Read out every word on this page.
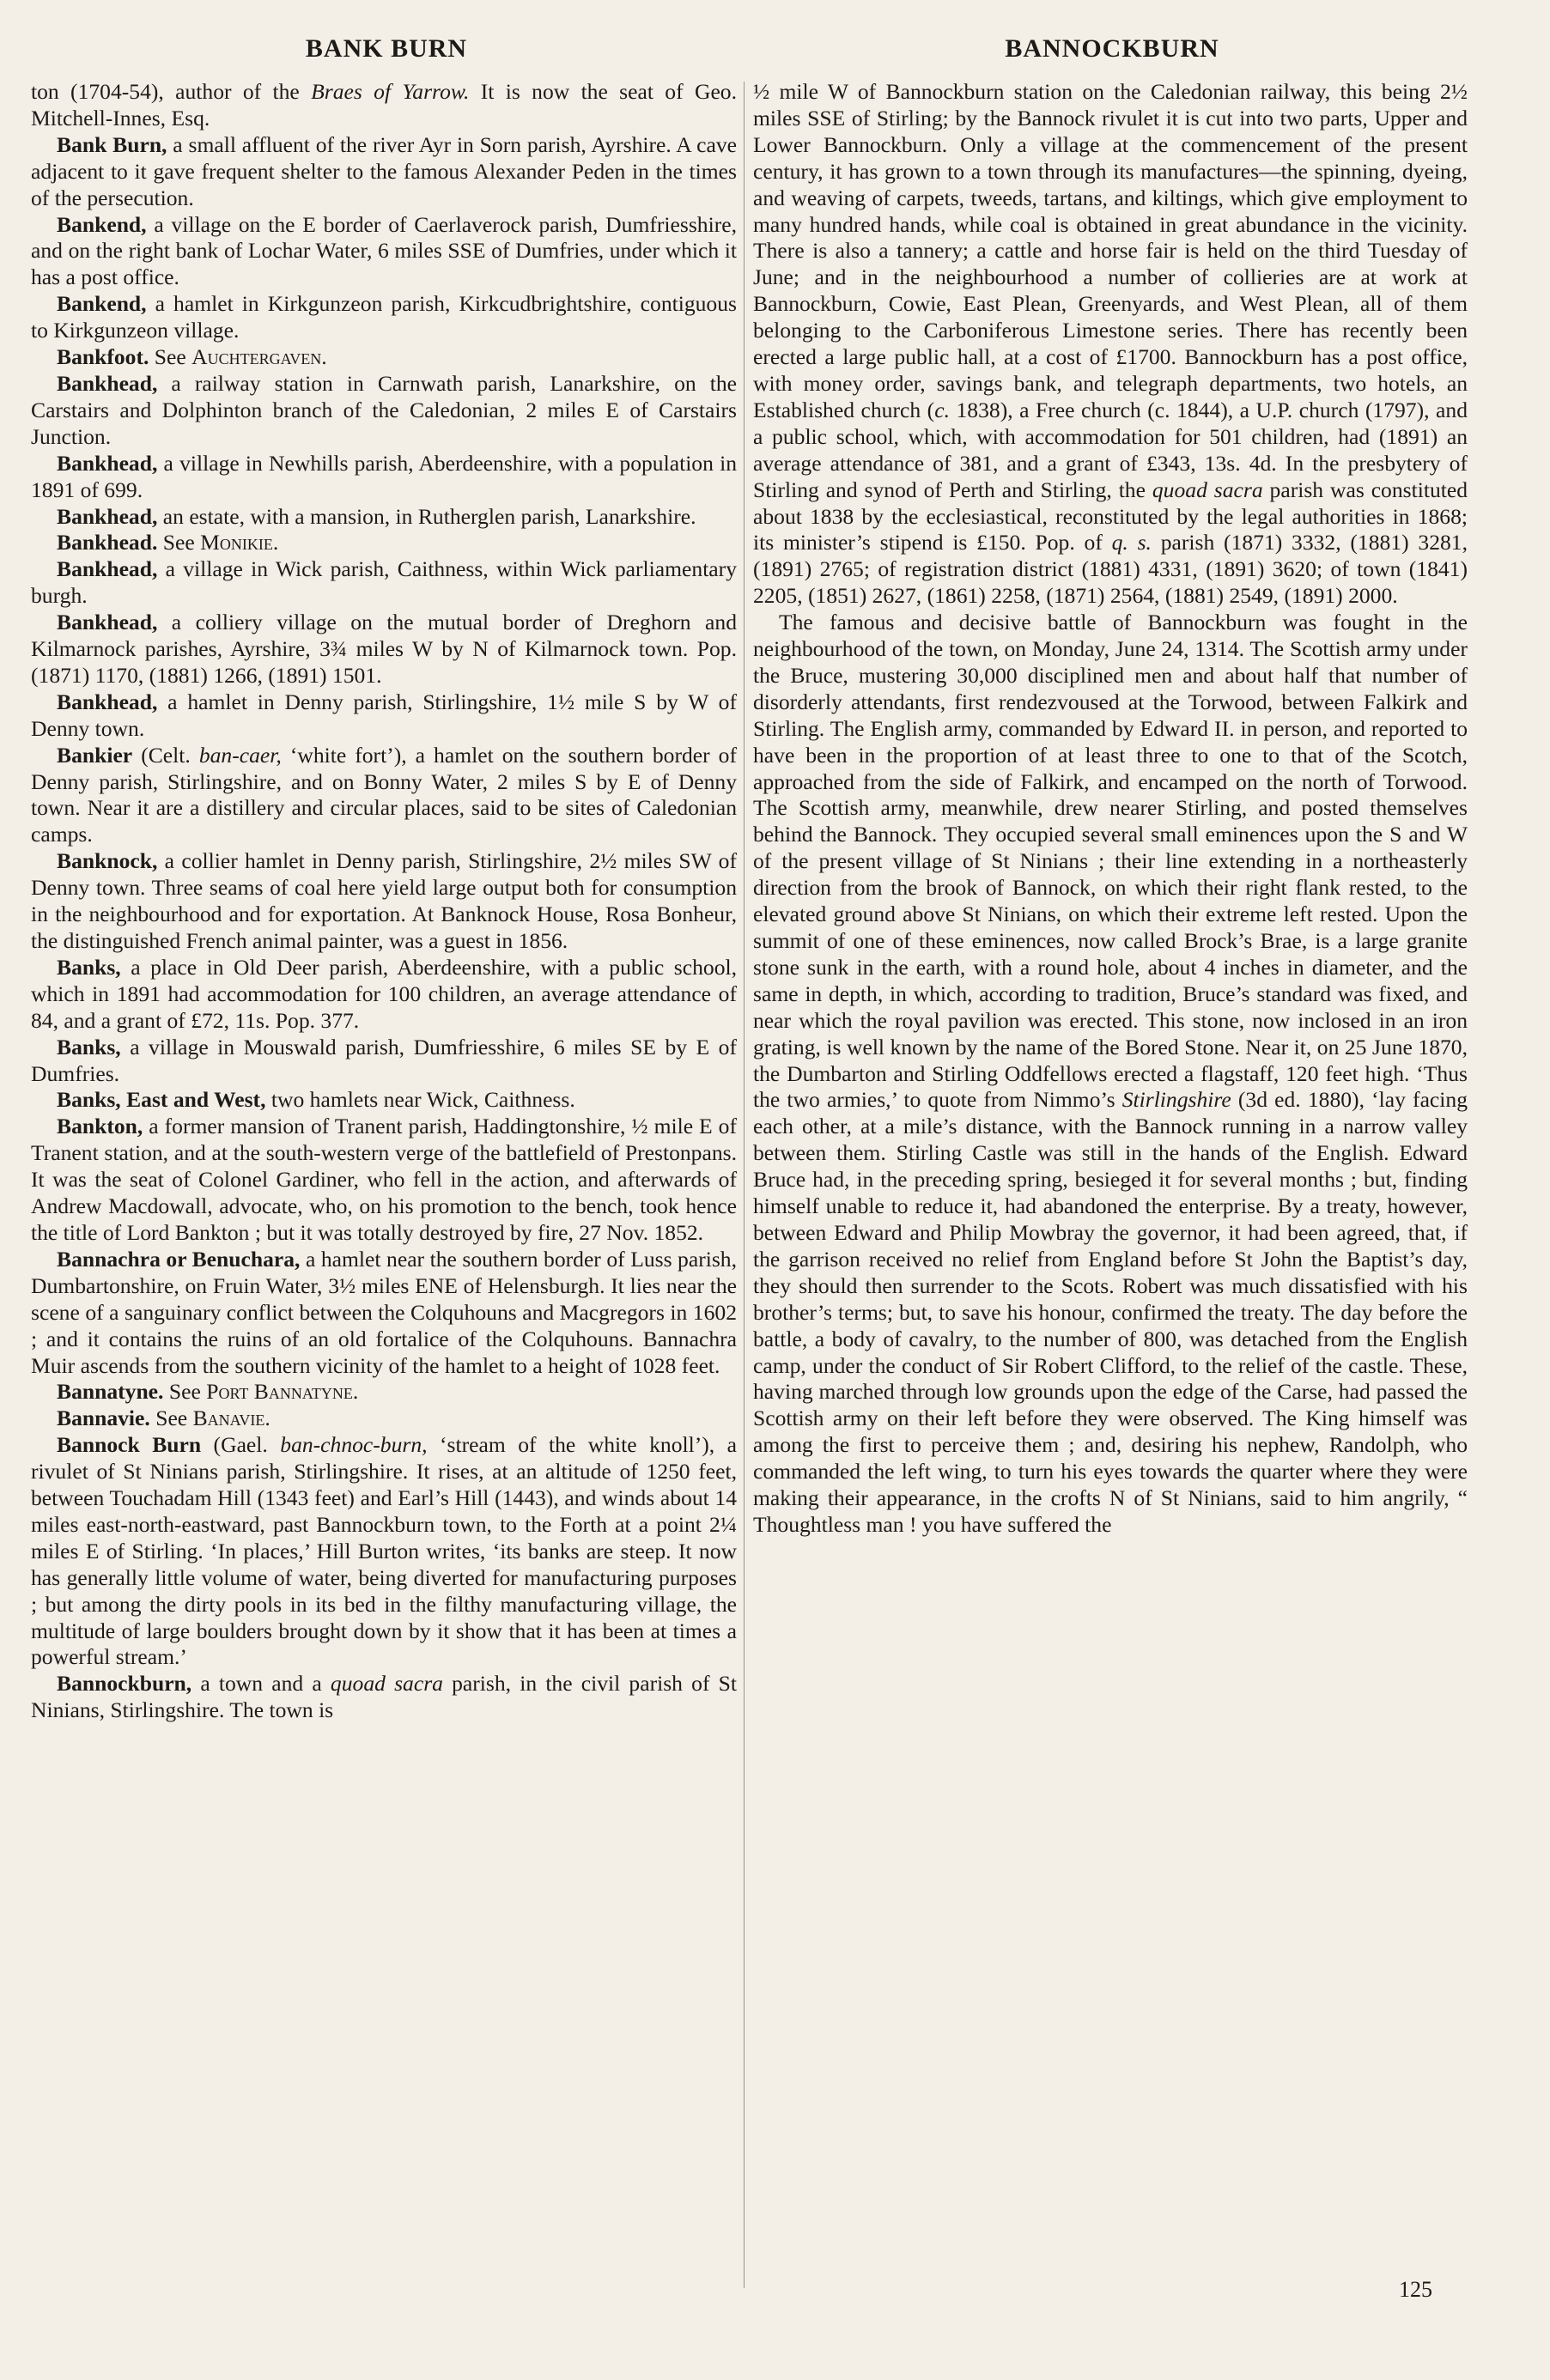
BANK BURN	BANNOCKBURN

ton (1704-54), author of the Braes of Yarrow. It is now the seat of Geo. Mitchell-Innes, Esq.

Bank Burn, a small affluent of the river Ayr in Sorn parish, Ayrshire. A cave adjacent to it gave frequent shelter to the famous Alexander Peden in the times of the persecution.

Bankend, a village on the E border of Caerlaverock parish, Dumfriesshire, and on the right bank of Lochar Water, 6 miles SSE of Dumfries, under which it has a post office.

Bankend, a hamlet in Kirkgunzeon parish, Kirkcudbrightshire, contiguous to Kirkgunzeon village.

Bankfoot. See Auchtergaven.

Bankhead, a railway station in Carnwath parish, Lanarkshire, on the Carstairs and Dolphinton branch of the Caledonian, 2 miles E of Carstairs Junction.

Bankhead, a village in Newhills parish, Aberdeenshire, with a population in 1891 of 699.

Bankhead, an estate, with a mansion, in Rutherglen parish, Lanarkshire.

Bankhead. See Monikie.

Bankhead, a village in Wick parish, Caithness, within Wick parliamentary burgh.

Bankhead, a colliery village on the mutual border of Dreghorn and Kilmarnock parishes, Ayrshire, 3¾ miles W by N of Kilmarnock town. Pop. (1871) 1170, (1881) 1266, (1891) 1501.

Bankhead, a hamlet in Denny parish, Stirlingshire, 1½ mile S by W of Denny town.

Bankier (Celt. ban-caer, ‘white fort’), a hamlet on the southern border of Denny parish, Stirlingshire, and on Bonny Water, 2 miles S by E of Denny town. Near it are a distillery and circular places, said to be sites of Caledonian camps.

Banknock, a collier hamlet in Denny parish, Stirlingshire, 2½ miles SW of Denny town. Three seams of coal here yield large output both for consumption in the neighbourhood and for exportation. At Banknock House, Rosa Bonheur, the distinguished French animal painter, was a guest in 1856.

Banks, a place in Old Deer parish, Aberdeenshire, with a public school, which in 1891 had accommodation for 100 children, an average attendance of 84, and a grant of £72, 11s. Pop. 377.

Banks, a village in Mouswald parish, Dumfriesshire, 6 miles SE by E of Dumfries.

Banks, East and West, two hamlets near Wick, Caithness.

Bankton, a former mansion of Tranent parish, Haddingtonshire, ½ mile E of Tranent station, and at the south-western verge of the battlefield of Prestonpans. It was the seat of Colonel Gardiner, who fell in the action, and afterwards of Andrew Macdowall, advocate, who, on his promotion to the bench, took hence the title of Lord Bankton ; but it was totally destroyed by fire, 27 Nov. 1852.

Bannachra or Benuchara, a hamlet near the southern border of Luss parish, Dumbartonshire, on Fruin Water, 3½ miles ENE of Helensburgh. It lies near the scene of a sanguinary conflict between the Colquhouns and Macgregors in 1602 ; and it contains the ruins of an old fortalice of the Colquhouns. Bannachra Muir ascends from the southern vicinity of the hamlet to a height of 1028 feet.

Bannatyne. See Port Bannatyne.

Bannavie. See Banavie.

Bannock Burn (Gael. ban-chnoc-burn, ‘stream of the white knoll’), a rivulet of St Ninians parish, Stirlingshire. It rises, at an altitude of 1250 feet, between Touchadam Hill (1343 feet) and Earl’s Hill (1443), and winds about 14 miles east-north-eastward, past Bannockburn town, to the Forth at a point 2¼ miles E of Stirling. ‘In places,’ Hill Burton writes, ‘its banks are steep. It now has generally little volume of water, being diverted for manufacturing purposes ; but among the dirty pools in its bed in the filthy manufacturing village, the multitude of large boulders brought down by it show that it has been at times a powerful stream.’

Bannockburn, a town and a quoad sacra parish, in the civil parish of St Ninians, Stirlingshire. The town is

½ mile W of Bannockburn station on the Caledonian railway, this being 2½ miles SSE of Stirling; by the Bannock rivulet it is cut into two parts, Upper and Lower Bannockburn. Only a village at the commencement of the present century, it has grown to a town through its manufactures—the spinning, dyeing, and weaving of carpets, tweeds, tartans, and kiltings, which give employment to many hundred hands, while coal is obtained in great abundance in the vicinity. There is also a tannery; a cattle and horse fair is held on the third Tuesday of June; and in the neighbourhood a number of collieries are at work at Bannockburn, Cowie, East Plean, Greenyards, and West Plean, all of them belonging to the Carboniferous Limestone series. There has recently been erected a large public hall, at a cost of £1700. Bannockburn has a post office, with money order, savings bank, and telegraph departments, two hotels, an Established church (c. 1838), a Free church (c. 1844), a U.P. church (1797), and a public school, which, with accommodation for 501 children, had (1891) an average attendance of 381, and a grant of £343, 13s. 4d. In the presbytery of Stirling and synod of Perth and Stirling, the quoad sacra parish was constituted about 1838 by the ecclesiastical, reconstituted by the legal authorities in 1868; its minister’s stipend is £150. Pop. of q. s. parish (1871) 3332, (1881) 3281, (1891) 2765; of registration district (1881) 4331, (1891) 3620; of town (1841) 2205, (1851) 2627, (1861) 2258, (1871) 2564, (1881) 2549, (1891) 2000.

The famous and decisive battle of Bannockburn was fought in the neighbourhood of the town, on Monday, June 24, 1314. The Scottish army under the Bruce, mustering 30,000 disciplined men and about half that number of disorderly attendants, first rendezvoused at the Torwood, between Falkirk and Stirling. The English army, commanded by Edward II. in person, and reported to have been in the proportion of at least three to one to that of the Scotch, approached from the side of Falkirk, and encamped on the north of Torwood. The Scottish army, meanwhile, drew nearer Stirling, and posted themselves behind the Bannock. They occupied several small eminences upon the S and W of the present village of St Ninians ; their line extending in a northeasterly direction from the brook of Bannock, on which their right flank rested, to the elevated ground above St Ninians, on which their extreme left rested. Upon the summit of one of these eminences, now called Brock’s Brae, is a large granite stone sunk in the earth, with a round hole, about 4 inches in diameter, and the same in depth, in which, according to tradition, Bruce’s standard was fixed, and near which the royal pavilion was erected. This stone, now inclosed in an iron grating, is well known by the name of the Bored Stone. Near it, on 25 June 1870, the Dumbarton and Stirling Oddfellows erected a flagstaff, 120 feet high. ‘Thus the two armies,’ to quote from Nimmo’s Stirlingshire (3d ed. 1880), ‘lay facing each other, at a mile’s distance, with the Bannock running in a narrow valley between them. Stirling Castle was still in the hands of the English. Edward Bruce had, in the preceding spring, besieged it for several months ; but, finding himself unable to reduce it, had abandoned the enterprise. By a treaty, however, between Edward and Philip Mowbray the governor, it had been agreed, that, if the garrison received no relief from England before St John the Baptist’s day, they should then surrender to the Scots. Robert was much dissatisfied with his brother’s terms; but, to save his honour, confirmed the treaty. The day before the battle, a body of cavalry, to the number of 800, was detached from the English camp, under the conduct of Sir Robert Clifford, to the relief of the castle. These, having marched through low grounds upon the edge of the Carse, had passed the Scottish army on their left before they were observed. The King himself was among the first to perceive them ; and, desiring his nephew, Randolph, who commanded the left wing, to turn his eyes towards the quarter where they were making their appearance, in the crofts N of St Ninians, said to him angrily, “ Thoughtless man ! you have suffered the

125
